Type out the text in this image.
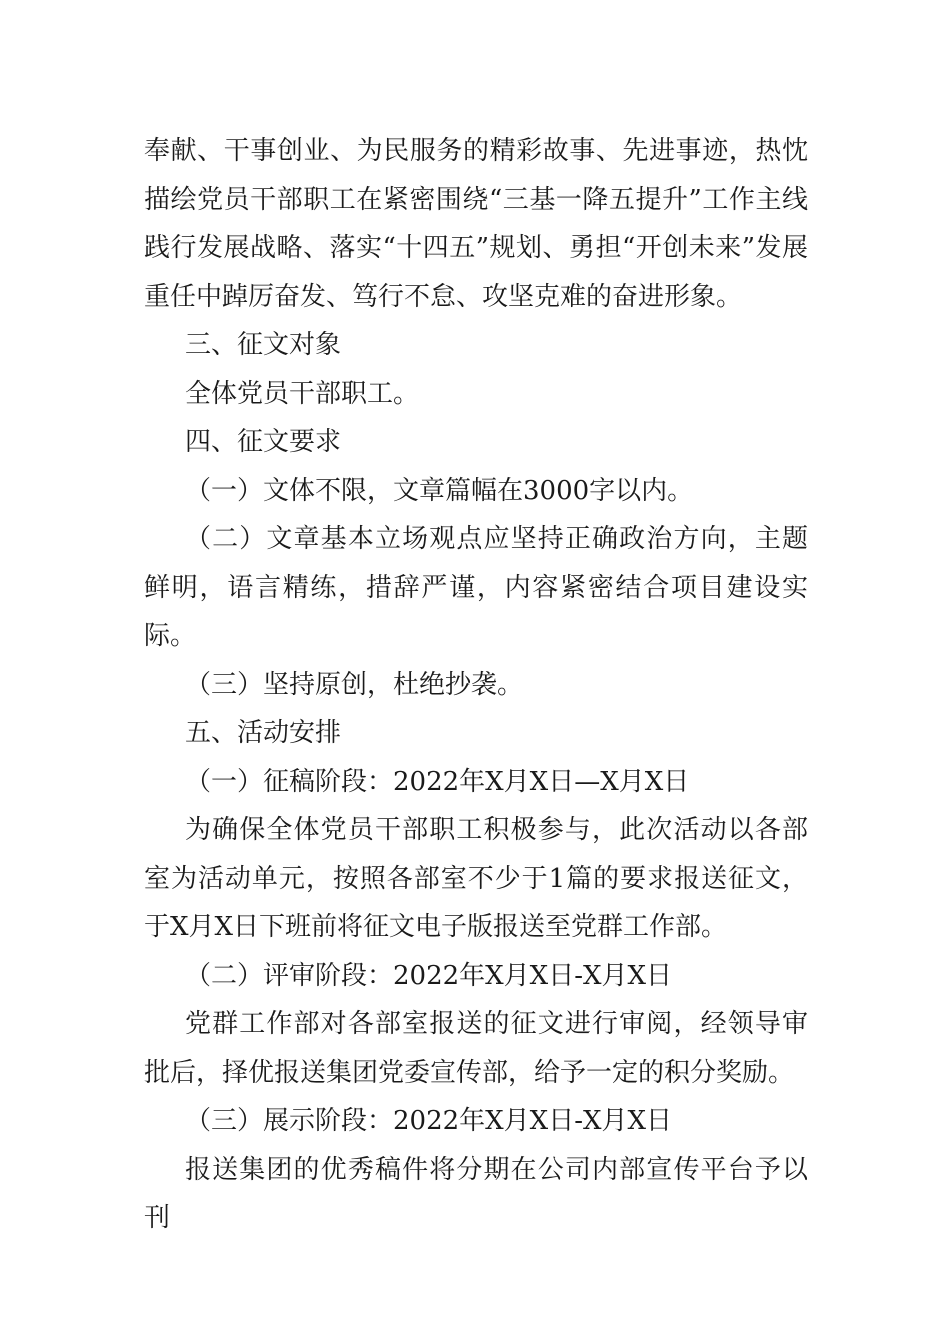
奉献、干事创业、为民服务的精彩故事、先进事迹，热忱描绘党员干部职工在紧密围绕“三基一降五提升”工作主线践行发展战略、落实“十四五”规划、勇担“开创未来”发展重任中踔厉奋发、笃行不怠、攻坚克难的奋进形象。

三、征文对象

全体党员干部职工。

四、征文要求

（一）文体不限，文章篇幅在3000字以内。

（二）文章基本立场观点应坚持正确政治方向，主题鲜明，语言精练，措辞严谨，内容紧密结合项目建设实际。

（三）坚持原创，杜绝抄袭。

五、活动安排

（一）征稿阶段：2022年X月X日—X月X日

为确保全体党员干部职工积极参与，此次活动以各部室为活动单元，按照各部室不少于1篇的要求报送征文，于X月X日下班前将征文电子版报送至党群工作部。

（二）评审阶段：2022年X月X日-X月X日

党群工作部对各部室报送的征文进行审阅，经领导审批后，择优报送集团党委宣传部，给予一定的积分奖励。

（三）展示阶段：2022年X月X日-X月X日

报送集团的优秀稿件将分期在公司内部宣传平台予以刊
